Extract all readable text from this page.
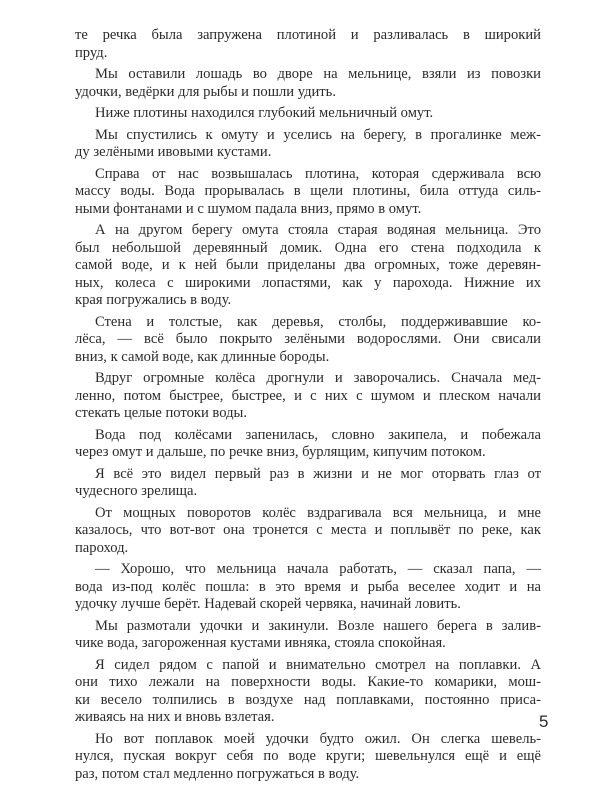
те речка была запружена плотиной и разливалась в широкий
пруд.
Мы оставили лошадь во дворе на мельнице, взяли из повозки
удочки, ведёрки для рыбы и пошли удить.
Ниже плотины находился глубокий мельничный омут.
Мы спустились к омуту и уселись на берегу, в прогалинке меж-
ду зелёными ивовыми кустами.
Справа от нас возвышалась плотина, которая сдерживала всю
массу воды. Вода прорывалась в щели плотины, била оттуда силь-
ными фонтанами и с шумом падала вниз, прямо в омут.
А на другом берегу омута стояла старая водяная мельница. Это
был небольшой деревянный домик. Одна его стена подходила к
самой воде, и к ней были приделаны два огромных, тоже деревян-
ных, колеса с широкими лопастями, как у парохода. Нижние их
края погружались в воду.
Стена и толстые, как деревья, столбы, поддерживавшие ко-
лёса, — всё было покрыто зелёными водорослями. Они свисали
вниз, к самой воде, как длинные бороды.
Вдруг огромные колёса дрогнули и заворочались. Сначала мед-
ленно, потом быстрее, быстрее, и с них с шумом и плеском начали
стекать целые потоки воды.
Вода под колёсами запенилась, словно закипела, и побежала
через омут и дальше, по речке вниз, бурлящим, кипучим потоком.
Я всё это видел первый раз в жизни и не мог оторвать глаз от
чудесного зрелища.
От мощных поворотов колёс вздрагивала вся мельница, и мне
казалось, что вот-вот она тронется с места и поплывёт по реке, как
пароход.
— Хорошо, что мельница начала работать, — сказал папа, —
вода из-под колёс пошла: в это время и рыба веселее ходит и на
удочку лучше берёт. Надевай скорей червяка, начинай ловить.
Мы размотали удочки и закинули. Возле нашего берега в залив-
чике вода, загороженная кустами ивняка, стояла спокойная.
Я сидел рядом с папой и внимательно смотрел на поплавки. А
они тихо лежали на поверхности воды. Какие-то комарики, мош-
ки весело толпились в воздухе над поплавками, постоянно приса-
живаясь на них и вновь взлетая.
Но вот поплавок моей удочки будто ожил. Он слегка шевель-
нулся, пуская вокруг себя по воде круги; шевельнулся ещё и ещё
раз, потом стал медленно погружаться в воду.
5
